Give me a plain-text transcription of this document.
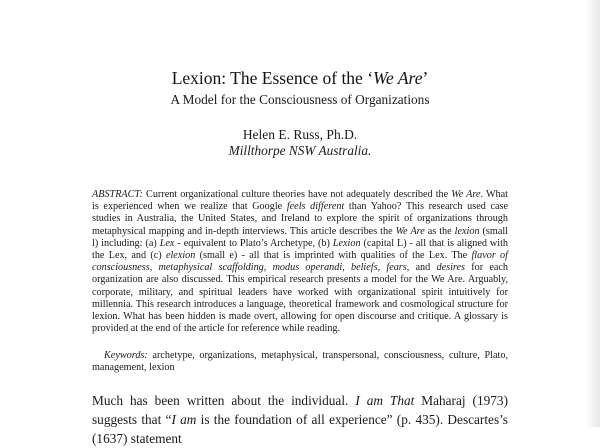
Lexion: The Essence of the ‘We Are’
A Model for the Consciousness of Organizations
Helen E. Russ, Ph.D.
Millthorpe NSW Australia.

ABSTRACT: Current organizational culture theories have not adequately described the We Are. What is experienced when we realize that Google feels different than Yahoo? This research used case studies in Australia, the United States, and Ireland to explore the spirit of organizations through metaphysical mapping and in-depth interviews. This article describes the We Are as the lexion (small l) including: (a) Lex - equivalent to Plato’s Archetype, (b) Lexion (capital L) - all that is aligned with the Lex, and (c) elexion (small e) - all that is imprinted with qualities of the Lex. The flavor of consciousness, metaphysical scaffolding, modus operandi, beliefs, fears, and desires for each organization are also discussed. This empirical research presents a model for the We Are. Arguably, corporate, military, and spiritual leaders have worked with organizational spirit intuitively for millennia. This research introduces a language, theoretical framework and cosmological structure for lexion. What has been hidden is made overt, allowing for open discourse and critique. A glossary is provided at the end of the article for reference while reading.

Keywords: archetype, organizations, metaphysical, transpersonal, consciousness, culture, Plato, management, lexion

Much has been written about the individual. I am That Maharaj (1973) suggests that “I am is the foundation of all experience” (p. 435). Descartes’s (1637) statement
